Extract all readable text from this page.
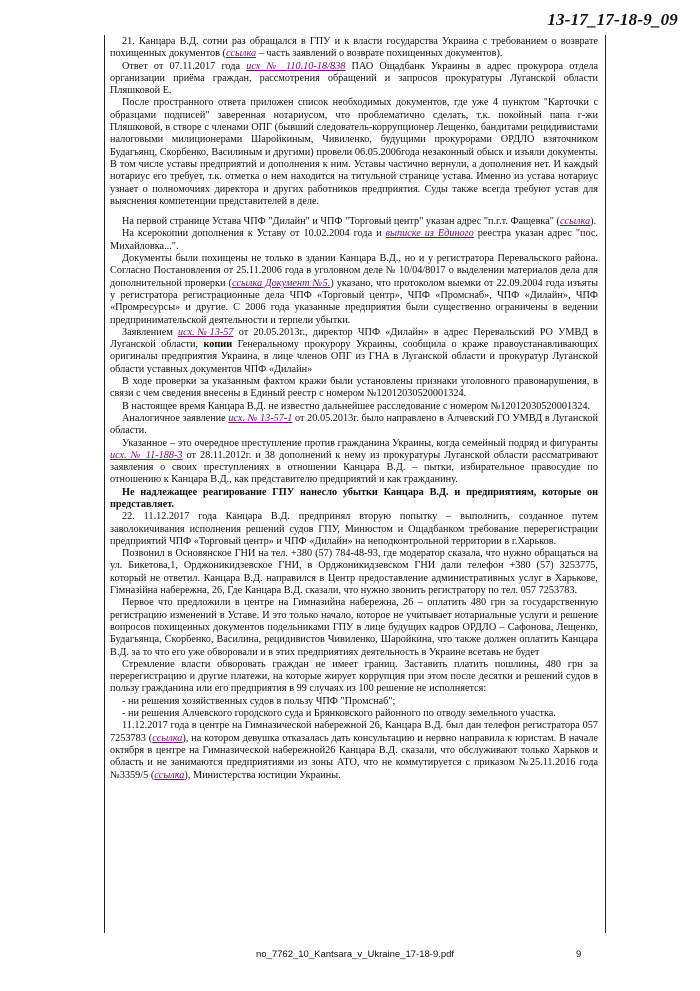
13-17_17-18-9_09

21. Канцара В.Д. сотни раз обращался в ГПУ и к власти государства Украина с требованием о возврате похищенных документов (ссылка – часть заявлений о возврате похищенных документов).

Ответ от 07.11.2017 года исх № 110.10-18/838 ПАО Ощадбанк Украины в адрес прокурора отдела организации приёма граждан, рассмотрения обращений и запросов прокуратуры Луганской области Пляшковой Е.

После пространного ответа приложен список необходимых документов, где уже 4 пунктом "Карточки с образцами подписей" заверенная нотариусом, что проблематично сделать, т.к. покойный папа г-жи Пляшковой, в створе с членами ОПГ (бывший следователь-коррупционер Лещенко, бандитами рецидивистами налоговыми милиционерами Шаройкиным, Чивиленко, будущими прокурорами ОРДЛО взяточником Будагьянц, Скорбенко, Василиным и другими) провели 06.05.2006года незаконный обыск и изъяли документы. В том числе уставы предприятий и дополнения к ним. Уставы частично вернули, а дополнения нет. И каждый нотариус его требует, т.к. отметка о нем находится на титульной странице устава. Именно из устава нотариус узнает о полномочиях директора и других работников предприятия. Суды также всегда требуют устав для выяснения компетенции представителей в деле.

На первой странице Устава ЧПФ "Дилайн" и ЧПФ "Торговый центр" указан адрес "п.г.т. Фащевка" (ссылка).

На ксерокопии дополнения к Уставу от 10.02.2004 года и выписке из Единого реестра указан адрес "пос. Михайловка...".

Документы были похищены не только в здании Канцара В.Д., но и у регистратора Перевальского района. Согласно Постановления от 25.11.2006 года в уголовном деле № 10/04/8017 о выделении материалов дела для дополнительной проверки (ссылка Документ №5.) указано, что протоколом выемки от 22.09.2004 года изъяты у регистратора регистрационные дела ЧПФ «Торговый центр», ЧПФ «Промснаб», ЧПФ «Дилайн», ЧПФ «Промресурсы» и другие. С 2006 года указанные предприятия были существенно ограничены в ведении предпринимательской деятельности и терпели убытки.

Заявлением исх.№13-57 от 20.05.2013г., директор ЧПФ «Дилайн» в адрес Перевальский РО УМВД в Луганской области, копии Генеральному прокурору Украины, сообщила о краже правоустанавливающих оригиналы предприятия Украина, в лице членов ОПГ из ГНА в Луганской области и прокуратур Луганской области уставных документов ЧПФ «Дилайн»

В ходе проверки за указанным фактом кражи были установлены признаки уголовного правонарушения, в связи с чем сведения внесены в Единый реестр с номером №12012030520001324.

В настоящее время Канцара В.Д. не известно дальнейшее расследование с номером №12012030520001324.

Аналогичное заявление исх. № 13-57-1 от 20.05.2013г. было направлено в Алчевский ГО УМВД в Луганской области.

Указанное – это очередное преступление против гражданина Украины, когда семейный подряд и фигуранты исх. № 11-188-3 от 28.11.2012г. и 38 дополнений к нему из прокуратуры Луганской области рассматривают заявления о своих преступлениях в отношении Канцара В.Д. – пытки, избирательное правосудие по отношению к Канцара В.Д., как представителю предприятий и как гражданину.

Не надлежащее реагирование ГПУ нанесло убытки Канцара В.Д. и предприятиям, которые он представляет.

22. 11.12.2017 года Канцара В.Д. предпринял вторую попытку – выполнить, созданное путем заволокичивания исполнения решений судов ГПУ, Минюстом и Ощадбанком требование перерегистрации предприятий ЧПФ «Торговый центр» и ЧПФ «Дилайн» на неподконтрольной территории в г.Харьков.

Позвонил в Основянское ГНИ на тел. +380 (57) 784-48-93, где модератор сказала, что нужно обращаться на ул. Бикетова,1, Орджоникидзевское ГНИ, в Орджоникидзевском ГНИ дали телефон +380 (57) 3253775, который не ответил. Канцара В.Д. направился в Центр предоставление административных услуг в Харькове, Гімназійна набережна, 26, Где Канцара В.Д. сказали, что нужно звонить регистратору по тел. 057 7253783.

Первое что предложили в центре на Гимназийна набережна, 26 – оплатить 480 грн за государственную регистрацию изменений в Уставе. И это только начало, которое не учитывает нотариальные услуги и решение вопросов похищенных документов подельниками ГПУ в лице будущих кадров ОРДЛО – Сафонова, Лещенко, Будагьянца, Скорбенко, Василина, рецидивистов Чивиленко, Шаройкина, что также должен оплатить Канцара В.Д. за то что его уже обворовали и в этих предприятиях деятельность в Украине всетавь не будет

Стремление власти обворовать граждан не имеет границ. Заставить платить пошлины, 480 грн за перерегистрацию и другие платежи, на которые жирует коррупция при этом после десятки и решений судов в пользу гражданина или его предприятия в 99 случаях из 100 решение не исполняется:

- ни решения хозяйственных судов в пользу ЧПФ "Промснаб";

- ни решения Алчевского городского суда и Брянковского районного по отводу земельного участка.

11.12.2017 года в центре на Гимназической набережной 26, Канцара В.Д. был дан телефон регистратора 057 7253783 (ссылка), на котором девушка отказалась дать консультацию и нервно направила к юристам. В начале октября в центре на Гимназической набережной26 Канцара В.Д. сказали, что обслуживают только Харьков и область и не занимаются предприятиями из зоны АТО, что не коммутируется с приказом №25.11.2016 года №3359/5 (ссылка), Министерства юстиции Украины.

no_7762_10_Kantsara_v_Ukraine_17-18-9.pdf	9
